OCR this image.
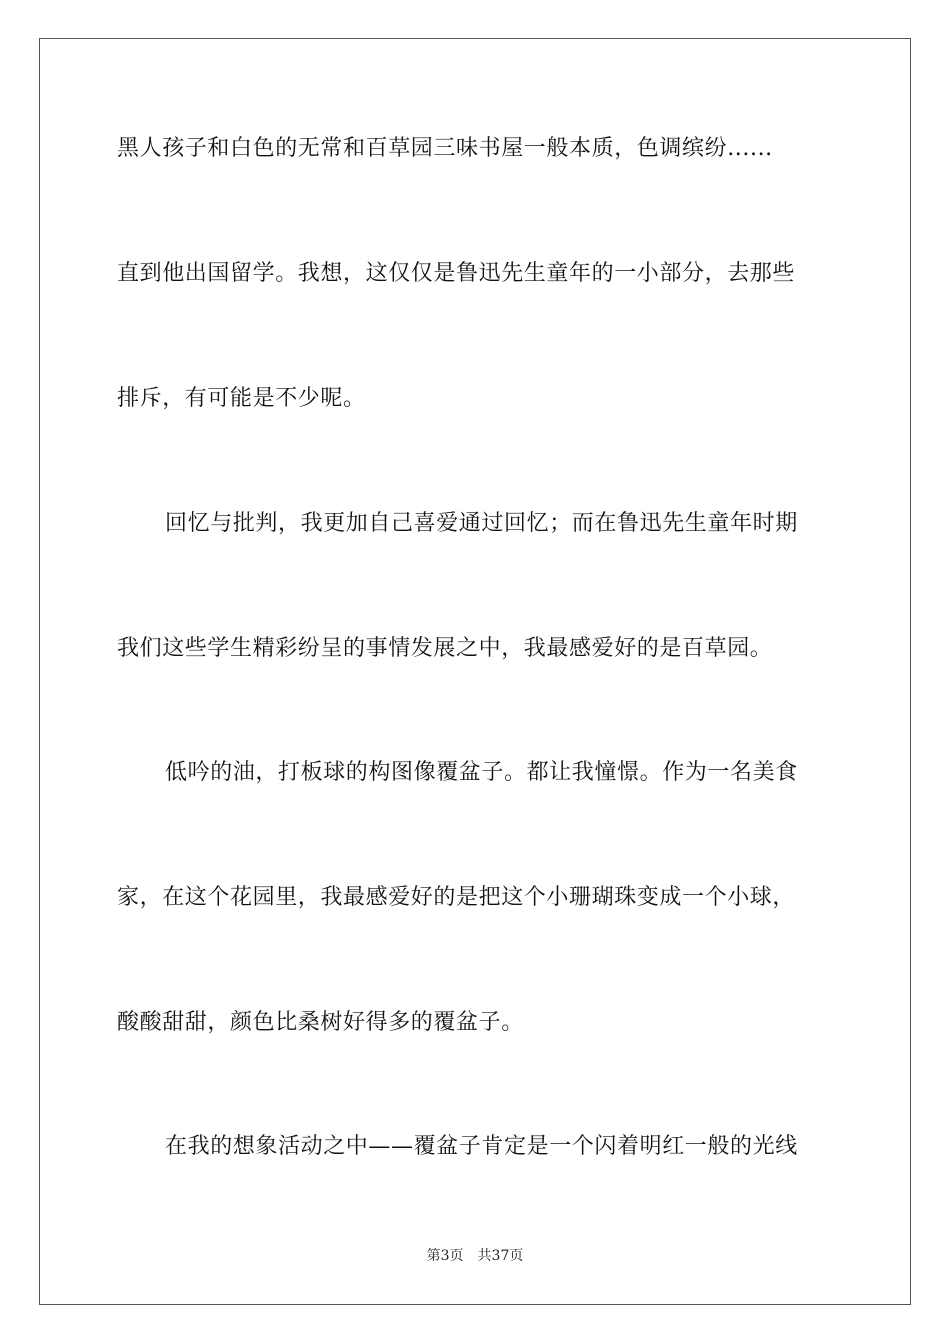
黑人孩子和白色的无常和百草园三味书屋一般本质，色调缤纷......
直到他出国留学。我想，这仅仅是鲁迅先生童年的一小部分，去那些
排斥，有可能是不少呢。
回忆与批判，我更加自己喜爱通过回忆；而在鲁迅先生童年时期
我们这些学生精彩纷呈的事情发展之中，我最感爱好的是百草园。
低吟的油，打板球的构图像覆盆子。都让我憧憬。作为一名美食
家，在这个花园里，我最感爱好的是把这个小珊瑚珠变成一个小球，
酸酸甜甜，颜色比桑树好得多的覆盆子。
在我的想象活动之中——覆盆子肯定是一个闪着明红一般的光线
第3页 共37页
